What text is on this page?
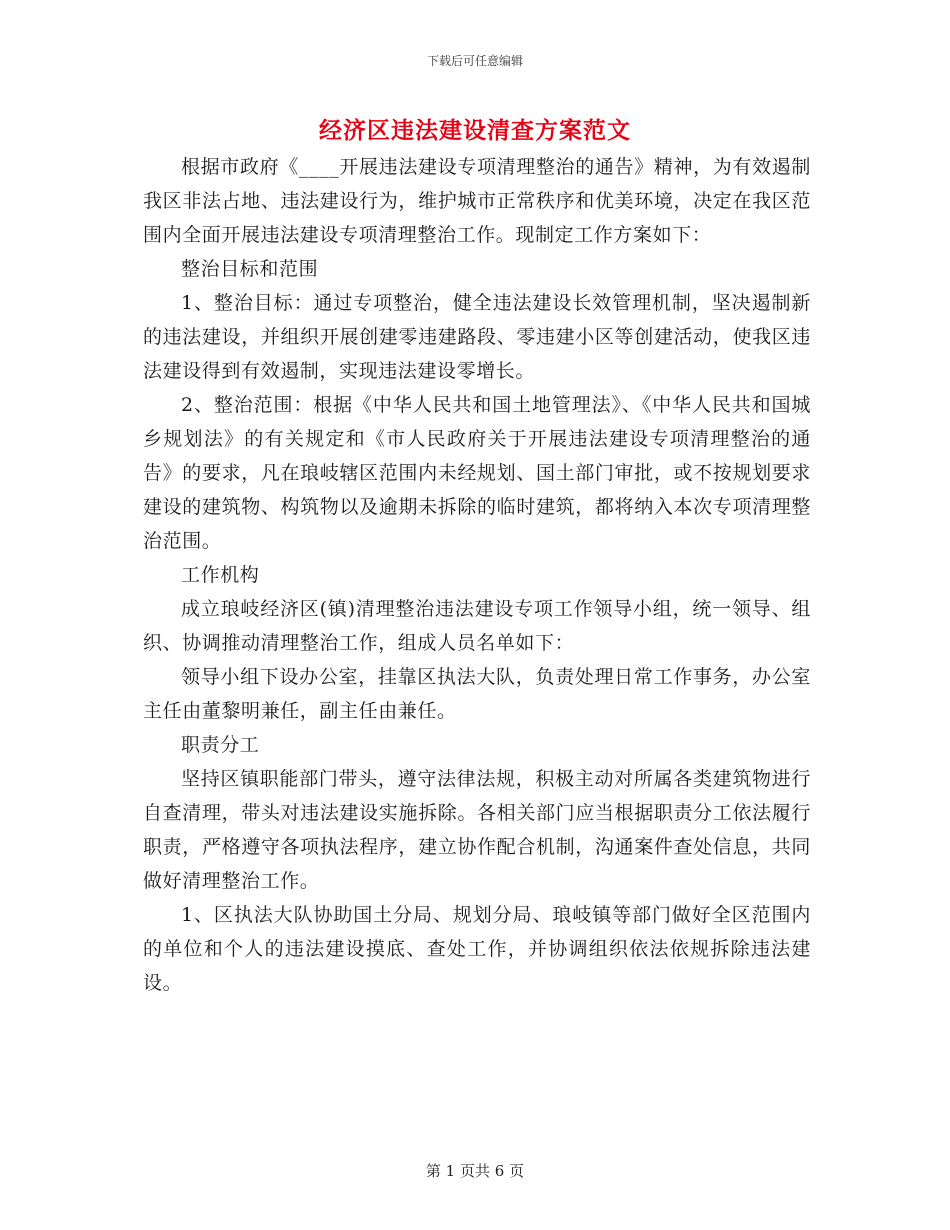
下载后可任意编辑
经济区违法建设清查方案范文

根据市政府《____开展违法建设专项清理整治的通告》精神，为有效遏制我区非法占地、违法建设行为，维护城市正常秩序和优美环境，决定在我区范围内全面开展违法建设专项清理整治工作。现制定工作方案如下：

整治目标和范围

1、整治目标：通过专项整治，健全违法建设长效管理机制，坚决遏制新的违法建设，并组织开展创建零违建路段、零违建小区等创建活动，使我区违法建设得到有效遏制，实现违法建设零增长。

2、整治范围：根据《中华人民共和国土地管理法》、《中华人民共和国城乡规划法》的有关规定和《市人民政府关于开展违法建设专项清理整治的通告》的要求，凡在琅岐辖区范围内未经规划、国土部门审批，或不按规划要求建设的建筑物、构筑物以及逾期未拆除的临时建筑，都将纳入本次专项清理整治范围。

工作机构

成立琅岐经济区(镇)清理整治违法建设专项工作领导小组，统一领导、组织、协调推动清理整治工作，组成人员名单如下：

领导小组下设办公室，挂靠区执法大队，负责处理日常工作事务，办公室主任由董黎明兼任，副主任由兼任。

职责分工

坚持区镇职能部门带头，遵守法律法规，积极主动对所属各类建筑物进行自查清理，带头对违法建设实施拆除。各相关部门应当根据职责分工依法履行职责，严格遵守各项执法程序，建立协作配合机制，沟通案件查处信息，共同做好清理整治工作。

1、区执法大队协助国土分局、规划分局、琅岐镇等部门做好全区范围内的单位和个人的违法建设摸底、查处工作，并协调组织依法依规拆除违法建设。

第 1 页共 6 页
